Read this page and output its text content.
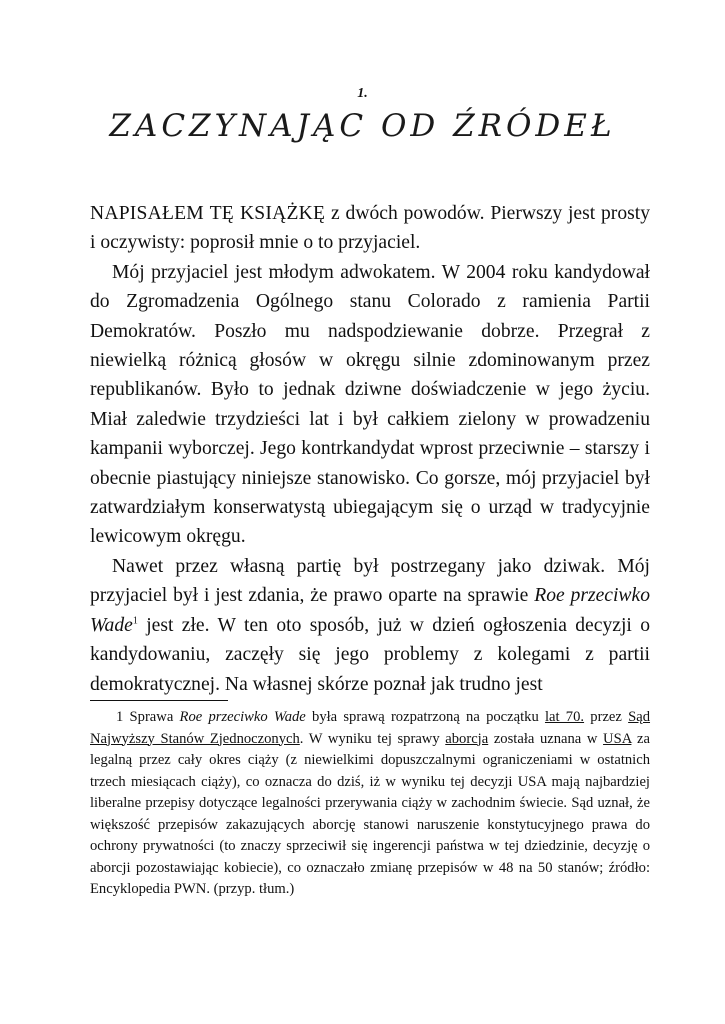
1.
ZACZYNAJĄC OD ŹRÓDEŁ

NAPISAŁEM TĘ KSIĄŻKĘ z dwóch powodów. Pierwszy jest prosty i oczywisty: poprosił mnie o to przyjaciel.

Mój przyjaciel jest młodym adwokatem. W 2004 roku kandydował do Zgromadzenia Ogólnego stanu Colorado z ramienia Partii Demokratów. Poszło mu nadspodziewanie dobrze. Przegrał z niewielką różnicą głosów w okręgu silnie zdominowanym przez republikanów. Było to jednak dziwne doświadczenie w jego życiu. Miał zaledwie trzydzieści lat i był całkiem zielony w prowadzeniu kampanii wyborczej. Jego kontrkandydat wprost przeciwnie – starszy i obecnie piastujący niniejsze stanowisko. Co gorsze, mój przyjaciel był zatwardziałym konserwatystą ubiegającym się o urząd w tradycyjnie lewicowym okręgu.

Nawet przez własną partię był postrzegany jako dziwak. Mój przyjaciel był i jest zdania, że prawo oparte na sprawie Roe przeciwko Wade$^1$ jest złe. W ten oto sposób, już w dzień ogłoszenia decyzji o kandydowaniu, zaczęły się jego problemy z kolegami z partii demokratycznej. Na własnej skórze poznał jak trudno jest

1 Sprawa Roe przeciwko Wade była sprawą rozpatrzoną na początku lat 70. przez Sąd Najwyższy Stanów Zjednoczonych. W wyniku tej sprawy aborcja została uznana w USA za legalną przez cały okres ciąży (z niewielkimi dopuszczalnymi ograniczeniami w ostatnich trzech miesiącach ciąży), co oznacza do dziś, iż w wyniku tej decyzji USA mają najbardziej liberalne przepisy dotyczące legalności przerywania ciąży w zachodnim świecie. Sąd uznał, że większość przepisów zakazujących aborcję stanowi naruszenie konstytucyjnego prawa do ochrony prywatności (to znaczy sprzeciwił się ingerencji państwa w tej dziedzinie, decyzję o aborcji pozostawiając kobiecie), co oznaczało zmianę przepisów w 48 na 50 stanów; źródło: Encyklopedia PWN. (przyp. tłum.)
